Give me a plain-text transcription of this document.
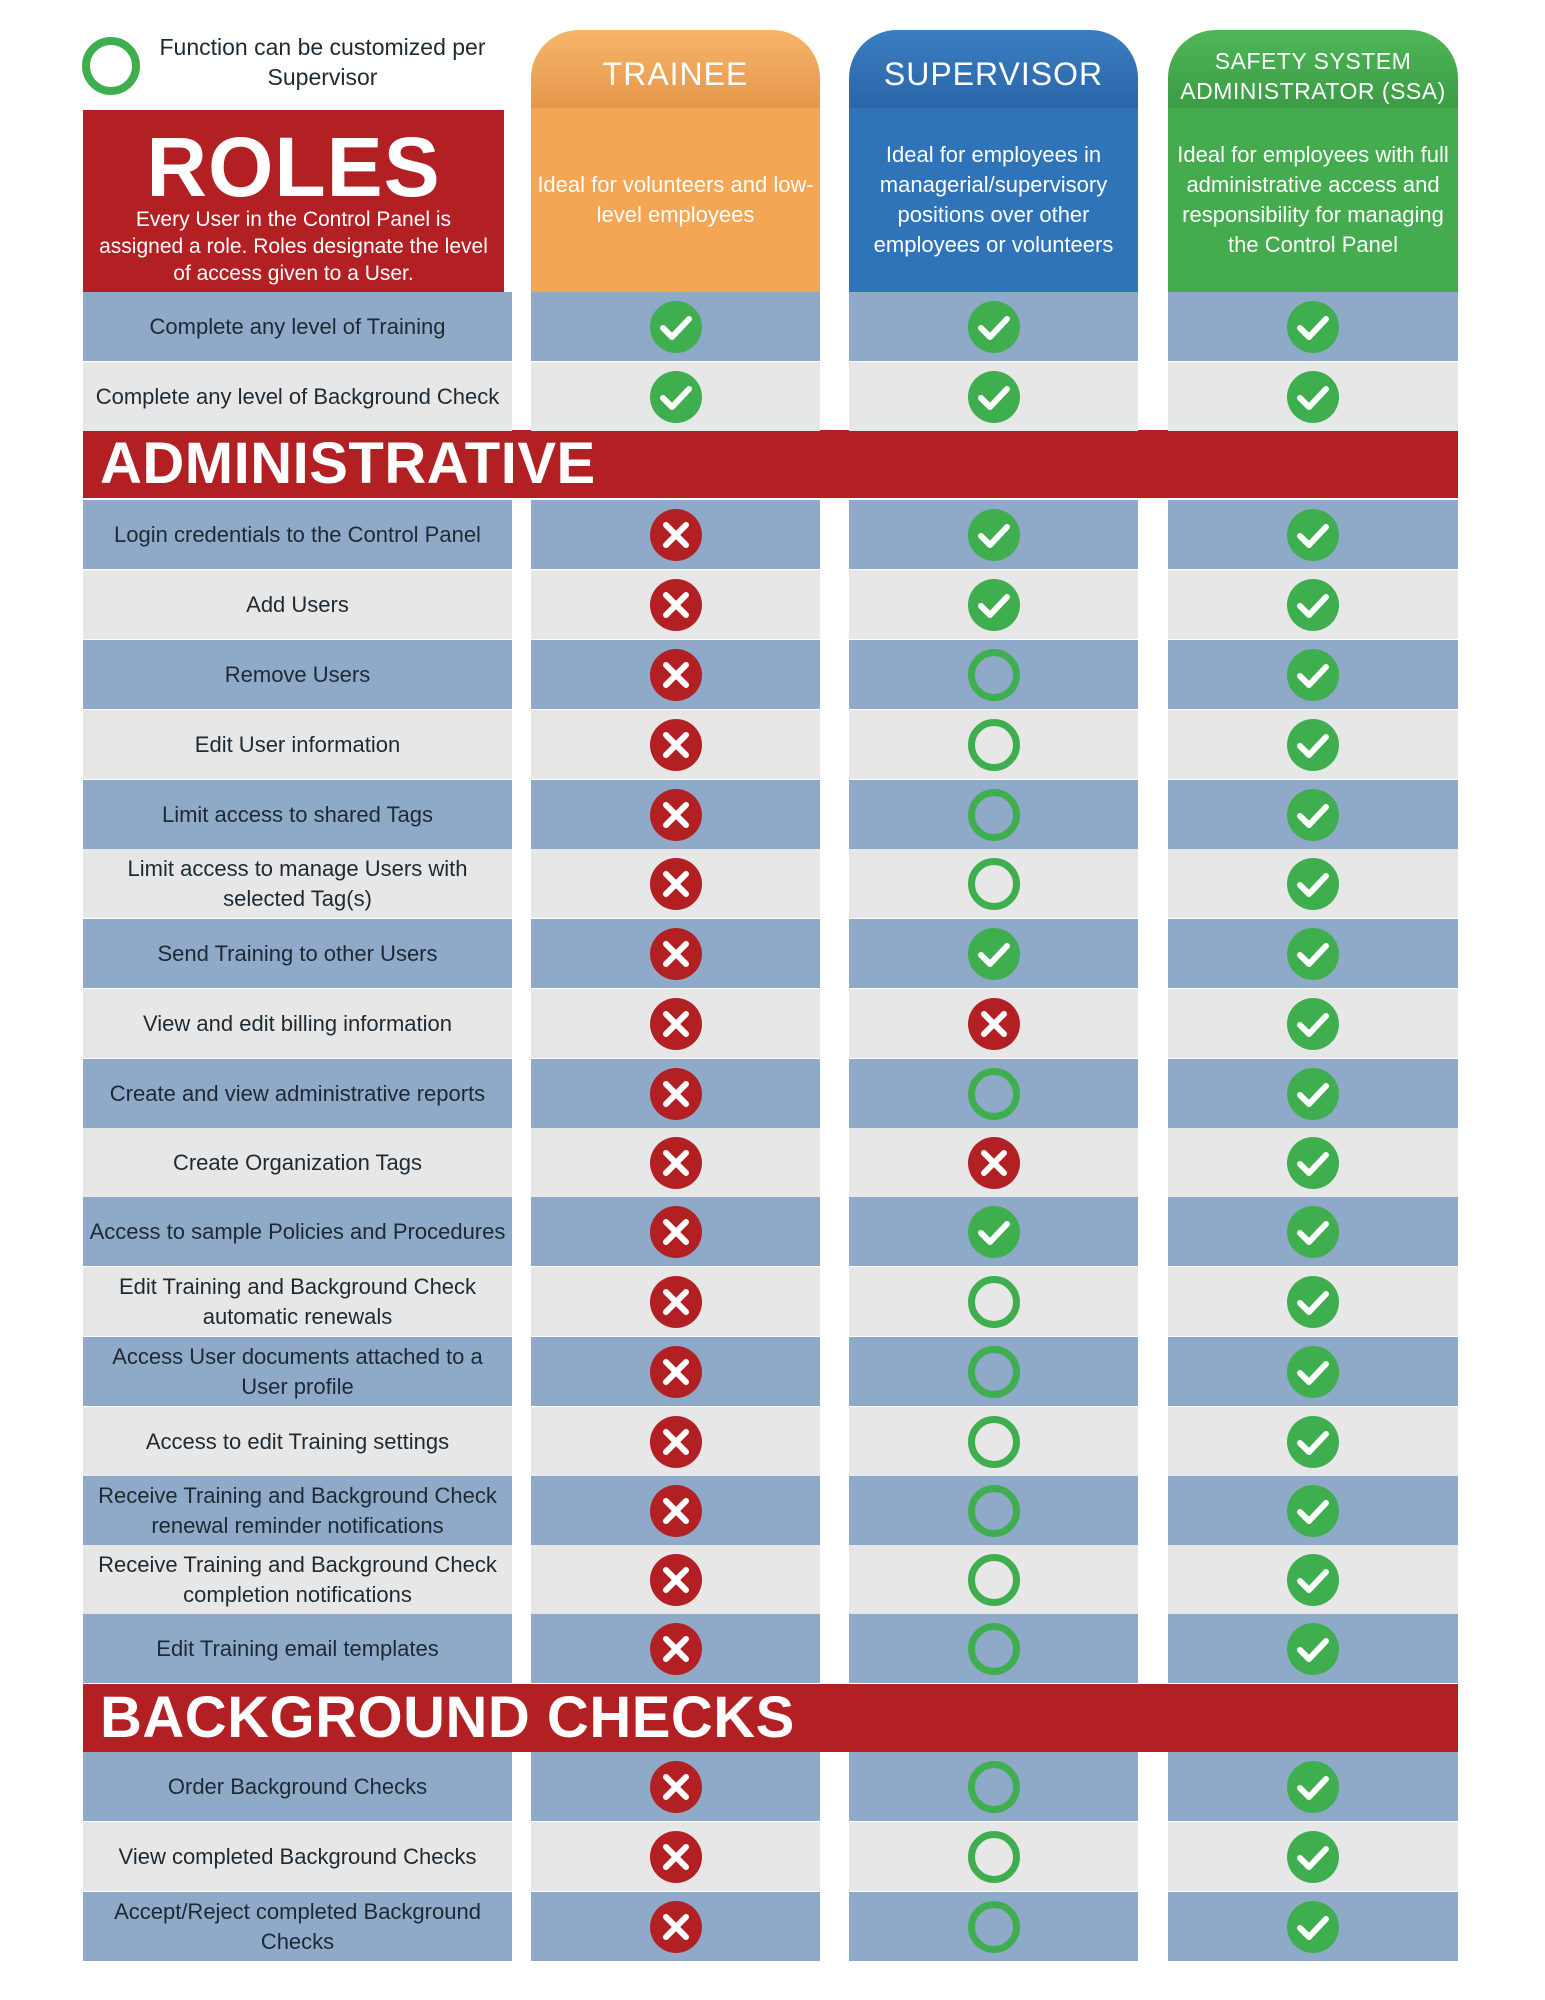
Function can be customized per Supervisor	TRAINEE
Ideal for volunteers and low-level employees
SUPERVISOR
Ideal for employees in managerial/supervisory positions over other employees or volunteers
SAFETY SYSTEM ADMINISTRATOR (SSA)
Ideal for employees with full administrative access and responsibility for managing the Control Panel
ROLES
Every User in the Control Panel is assigned a role. Roles designate the level of access given to a User.
ADMINISTRATIVE
BACKGROUND CHECKS
Complete any level of Training
Complete any level of Background Check
Login credentials to the Control Panel
Add Users
Remove Users
Edit User information
Limit access to shared Tags
Limit access to manage Users with selected Tag(s)
Send Training to other Users
View and edit billing information
Create and view administrative reports
Create Organization Tags
Access to sample Policies and Procedures
Edit Training and Background Check automatic renewals
Access User documents attached to a User profile
Access to edit Training settings
Receive Training and Background Check renewal reminder notifications
Receive Training and Background Check completion notifications
Edit Training email templates
Order Background Checks
View completed Background Checks
Accept/Reject completed Background Checks
